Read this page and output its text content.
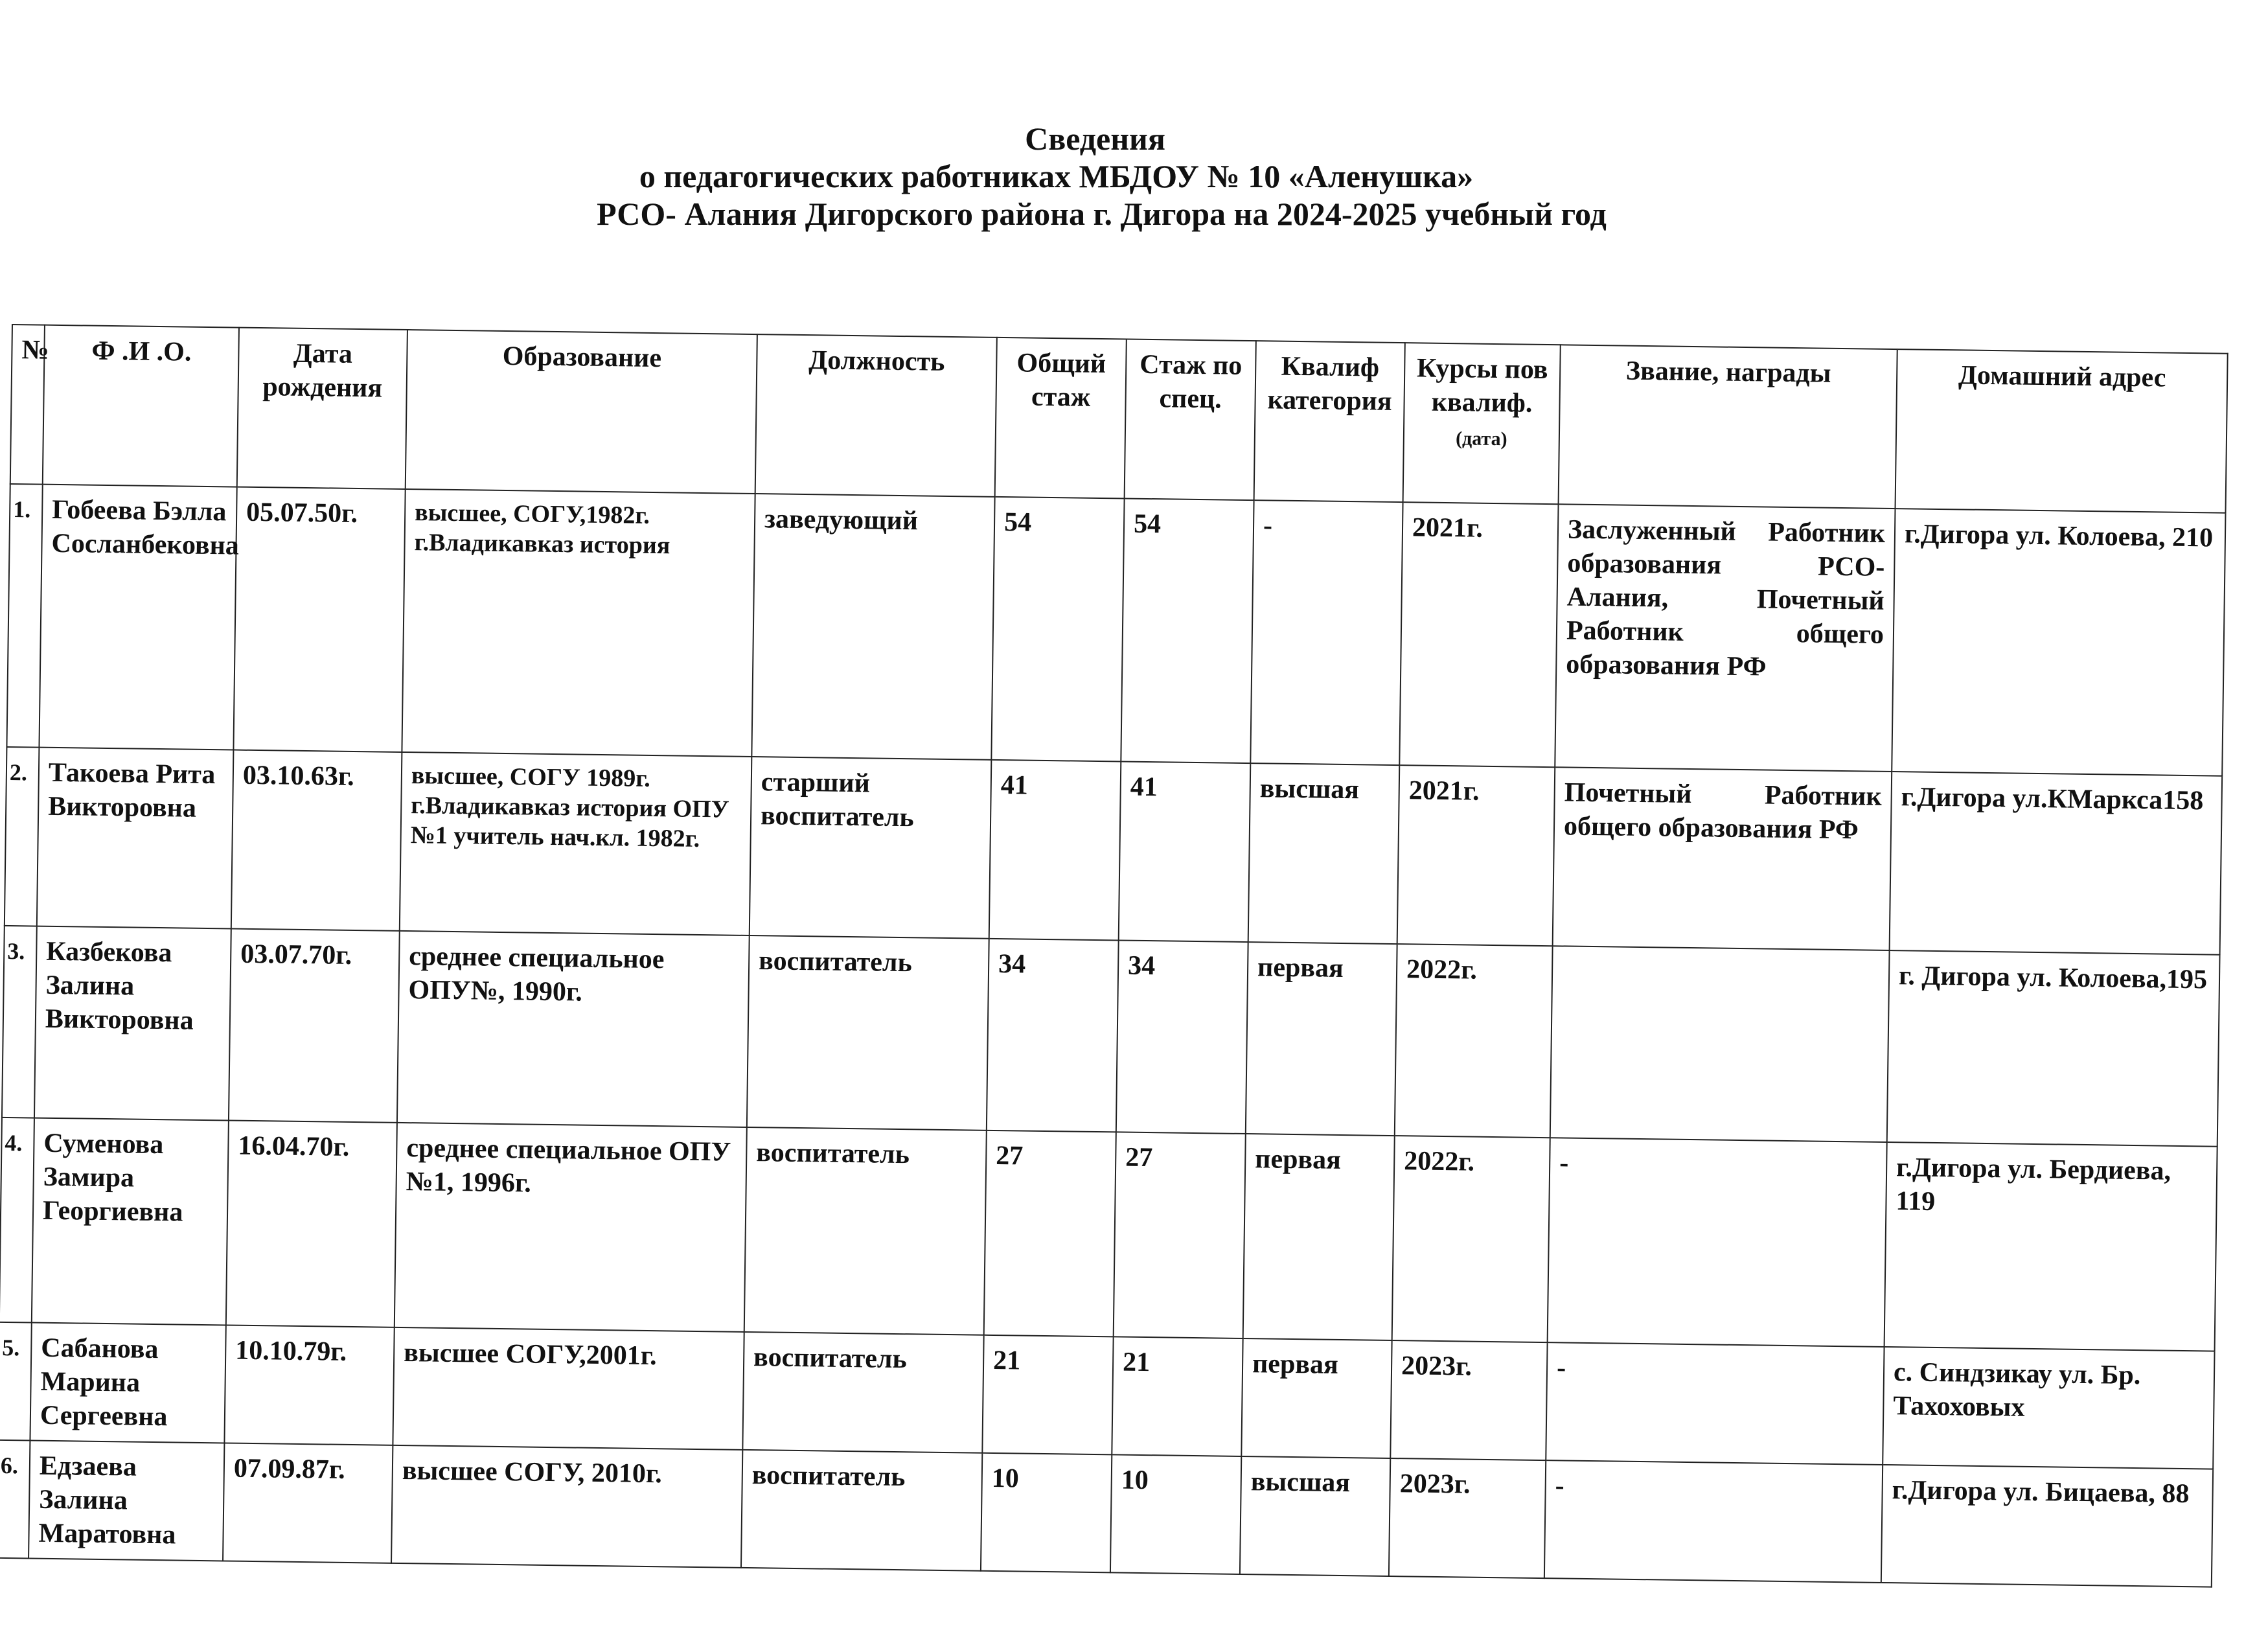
Сведения
о педагогических работниках МБДОУ № 10 «Аленушка»
РСО- Алания Дигорского района г. Дигора на 2024-2025 учебный год
№	Ф .И .О.	Дата рождения	Образование	Должность	Общий стаж	Стаж по спец.	Квалиф категория	Курсы пов квалиф. (дата)	Звание, награды	Домашний адрес
1.	Гобеева Бэлла Сосланбековна	05.07.50г.	высшее, СОГУ,1982г. г.Владикавказ история	заведующий	54	54	-	2021г.	Заслуженный Работник образования РСО- Алания, Почетный Работник общего образования РФ	г.Дигора ул. Колоева, 210
2.	Такоева Рита Викторовна	03.10.63г.	высшее, СОГУ 1989г. г.Владикавказ история ОПУ №1 учитель нач.кл. 1982г.	старший воспитатель	41	41	высшая	2021г.	Почетный Работник общего образования РФ	г.Дигора ул.КМаркса158
3.	Казбекова Залина Викторовна	03.07.70г.	среднее специальное ОПУ№, 1990г.	воспитатель	34	34	первая	2022г.		г. Дигора ул. Колоева,195
4.	Суменова Замира Георгиевна	16.04.70г.	среднее специальное ОПУ №1, 1996г.	воспитатель	27	27	первая	2022г.	-	г.Дигора ул. Бердиева, 119
5.	Сабанова Марина Сергеевна	10.10.79г.	высшее СОГУ,2001г.	воспитатель	21	21	первая	2023г.	-	с. Синдзикау ул. Бр. Тахоховых
6.	Едзаева Залина Маратовна	07.09.87г.	высшее СОГУ, 2010г.	воспитатель	10	10	высшая	2023г.	-	г.Дигора ул. Бицаева, 88
